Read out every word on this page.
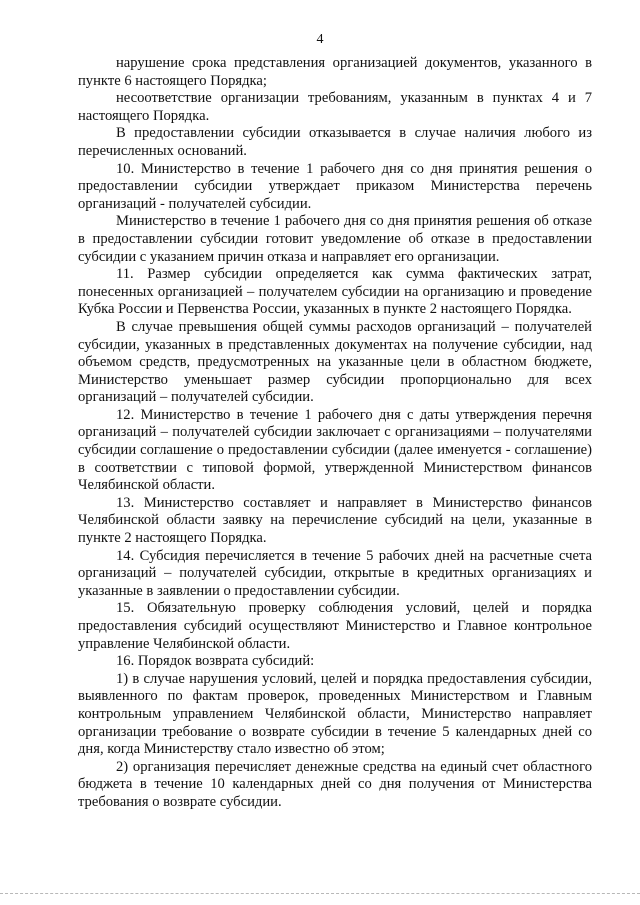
4

нарушение срока представления организацией документов, указанного в пункте 6 настоящего Порядка;

несоответствие организации требованиям, указанным в пунктах 4 и 7 настоящего Порядка.

В предоставлении субсидии отказывается в случае наличия любого из перечисленных оснований.

10. Министерство в течение 1 рабочего дня со дня принятия решения о предоставлении субсидии утверждает приказом Министерства перечень организаций - получателей субсидии.

Министерство в течение 1 рабочего дня со дня принятия решения об отказе в предоставлении субсидии готовит уведомление об отказе в предоставлении субсидии с указанием причин отказа и направляет его организации.

11. Размер субсидии определяется как сумма фактических затрат, понесенных организацией – получателем субсидии на организацию и проведение Кубка России и Первенства России, указанных в пункте 2 настоящего Порядка.

В случае превышения общей суммы расходов организаций – получателей субсидии, указанных в представленных документах на получение субсидии, над объемом средств, предусмотренных на указанные цели в областном бюджете, Министерство уменьшает размер субсидии пропорционально для всех организаций – получателей субсидии.

12. Министерство в течение 1 рабочего дня с даты утверждения перечня организаций – получателей субсидии заключает с организациями – получателями субсидии соглашение о предоставлении субсидии (далее именуется - соглашение) в соответствии с типовой формой, утвержденной Министерством финансов Челябинской области.

13. Министерство составляет и направляет в Министерство финансов Челябинской области заявку на перечисление субсидий на цели, указанные в пункте 2 настоящего Порядка.

14. Субсидия перечисляется в течение 5 рабочих дней на расчетные счета организаций – получателей субсидии, открытые в кредитных организациях и указанные в заявлении о предоставлении субсидии.

15. Обязательную проверку соблюдения условий, целей и порядка предоставления субсидий осуществляют Министерство и Главное контрольное управление Челябинской области.

16. Порядок возврата субсидий:

1) в случае нарушения условий, целей и порядка предоставления субсидии, выявленного по фактам проверок, проведенных Министерством и Главным контрольным управлением Челябинской области, Министерство направляет организации требование о возврате субсидии в течение 5 календарных дней со дня, когда Министерству стало известно об этом;

2) организация перечисляет денежные средства на единый счет областного бюджета в течение 10 календарных дней со дня получения от Министерства требования о возврате субсидии.
